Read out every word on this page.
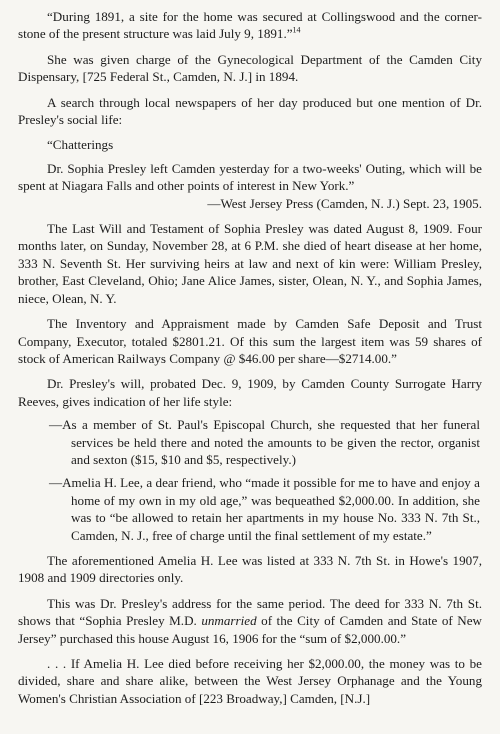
“During 1891, a site for the home was secured at Collingswood and the corner-stone of the present structure was laid July 9, 1891.”$^{14}$

She was given charge of the Gynecological Department of the Camden City Dispensary, [725 Federal St., Camden, N. J.] in 1894.

A search through local newspapers of her day produced but one mention of Dr. Presley's social life:

“Chatterings

Dr. Sophia Presley left Camden yesterday for a two-weeks' Outing, which will be spent at Niagara Falls and other points of interest in New York.”

—West Jersey Press (Camden, N. J.) Sept. 23, 1905.

The Last Will and Testament of Sophia Presley was dated August 8, 1909. Four months later, on Sunday, November 28, at 6 P.M. she died of heart disease at her home, 333 N. Seventh St. Her surviving heirs at law and next of kin were: William Presley, brother, East Cleveland, Ohio; Jane Alice James, sister, Olean, N. Y., and Sophia James, niece, Olean, N. Y.

The Inventory and Appraisment made by Camden Safe Deposit and Trust Company, Executor, totaled $2801.21. Of this sum the largest item was 59 shares of stock of American Railways Company @ $46.00 per share—$2714.00.”

Dr. Presley's will, probated Dec. 9, 1909, by Camden County Surrogate Harry Reeves, gives indication of her life style:

—As a member of St. Paul's Episcopal Church, she requested that her funeral services be held there and noted the amounts to be given the rector, organist and sexton ($15, $10 and $5, respectively.)

—Amelia H. Lee, a dear friend, who “made it possible for me to have and enjoy a home of my own in my old age,” was bequeathed $2,000.00. In addition, she was to “be allowed to retain her apartments in my house No. 333 N. 7th St., Camden, N. J., free of charge until the final settlement of my estate.”

The aforementioned Amelia H. Lee was listed at 333 N. 7th St. in Howe's 1907, 1908 and 1909 directories only.

This was Dr. Presley's address for the same period. The deed for 333 N. 7th St. shows that “Sophia Presley M.D. unmarried of the City of Camden and State of New Jersey” purchased this house August 16, 1906 for the “sum of $2,000.00.”

. . . If Amelia H. Lee died before receiving her $2,000.00, the money was to be divided, share and share alike, between the West Jersey Orphanage and the Young Women's Christian Association of [223 Broadway,] Camden, [N.J.]
